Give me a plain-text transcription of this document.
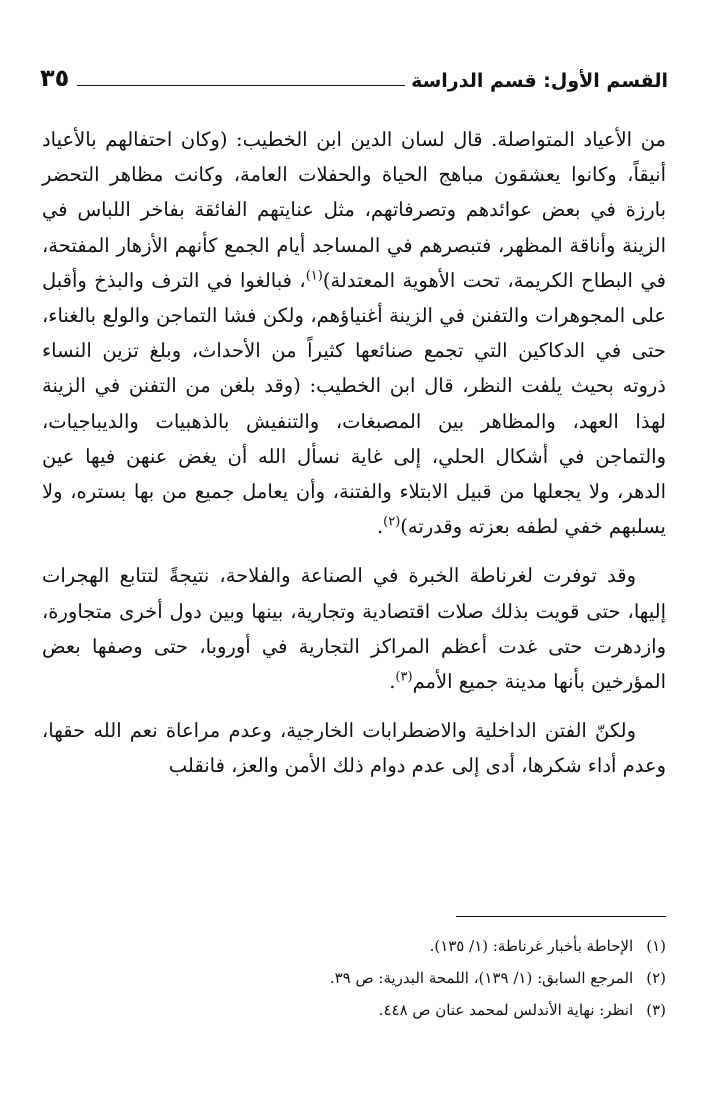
القسم الأول: قسم الدراسة
٣٥

من الأعياد المتواصلة. قال لسان الدين ابن الخطيب: (وكان احتفالهم بالأعياد أنيقاً، وكانوا يعشقون مباهج الحياة والحفلات العامة، وكانت مظاهر التحضر بارزة في بعض عوائدهم وتصرفاتهم، مثل عنايتهم الفائقة بفاخر اللباس في الزينة وأناقة المظهر، فتبصرهم في المساجد أيام الجمع كأنهم الأزهار المفتحة، في البطاح الكريمة، تحت الأهوية المعتدلة)$^{(١)}$، فبالغوا في الترف والبذخ وأقبل على المجوهرات والتفنن في الزينة أغنياؤهم، ولكن فشا التماجن والولع بالغناء، حتى في الدكاكين التي تجمع صنائعها كثيراً من الأحداث، وبلغ تزين النساء ذروته بحيث يلفت النظر، قال ابن الخطيب: (وقد بلغن من التفنن في الزينة لهذا العهد، والمظاهر بين المصبغات، والتنفيش بالذهبيات والديباجيات، والتماجن في أشكال الحلي، إلى غاية نسأل الله أن يغض عنهن فيها عين الدهر، ولا يجعلها من قبيل الابتلاء والفتنة، وأن يعامل جميع من بها بستره، ولا يسلبهم خفي لطفه بعزته وقدرته)$^{(٢)}$.

وقد توفرت لغرناطة الخبرة في الصناعة والفلاحة، نتيجةً لتتابع الهجرات إليها، حتى قويت بذلك صلات اقتصادية وتجارية، بينها وبين دول أخرى متجاورة، وازدهرت حتى غدت أعظم المراكز التجارية في أوروبا، حتى وصفها بعض المؤرخين بأنها مدينة جميع الأمم$^{(٣)}$.

ولكنّ الفتن الداخلية والاضطرابات الخارجية، وعدم مراعاة نعم الله حقها، وعدم أداء شكرها، أدى إلى عدم دوام ذلك الأمن والعز، فانقلب

(١) الإحاطة بأخبار غرناطة: (١/ ١٣٥).
(٢) المرجع السابق: (١/ ١٣٩)، اللمحة البدرية: ص ٣٩.
(٣) انظر: نهاية الأندلس لمحمد عنان ص ٤٤٨.
